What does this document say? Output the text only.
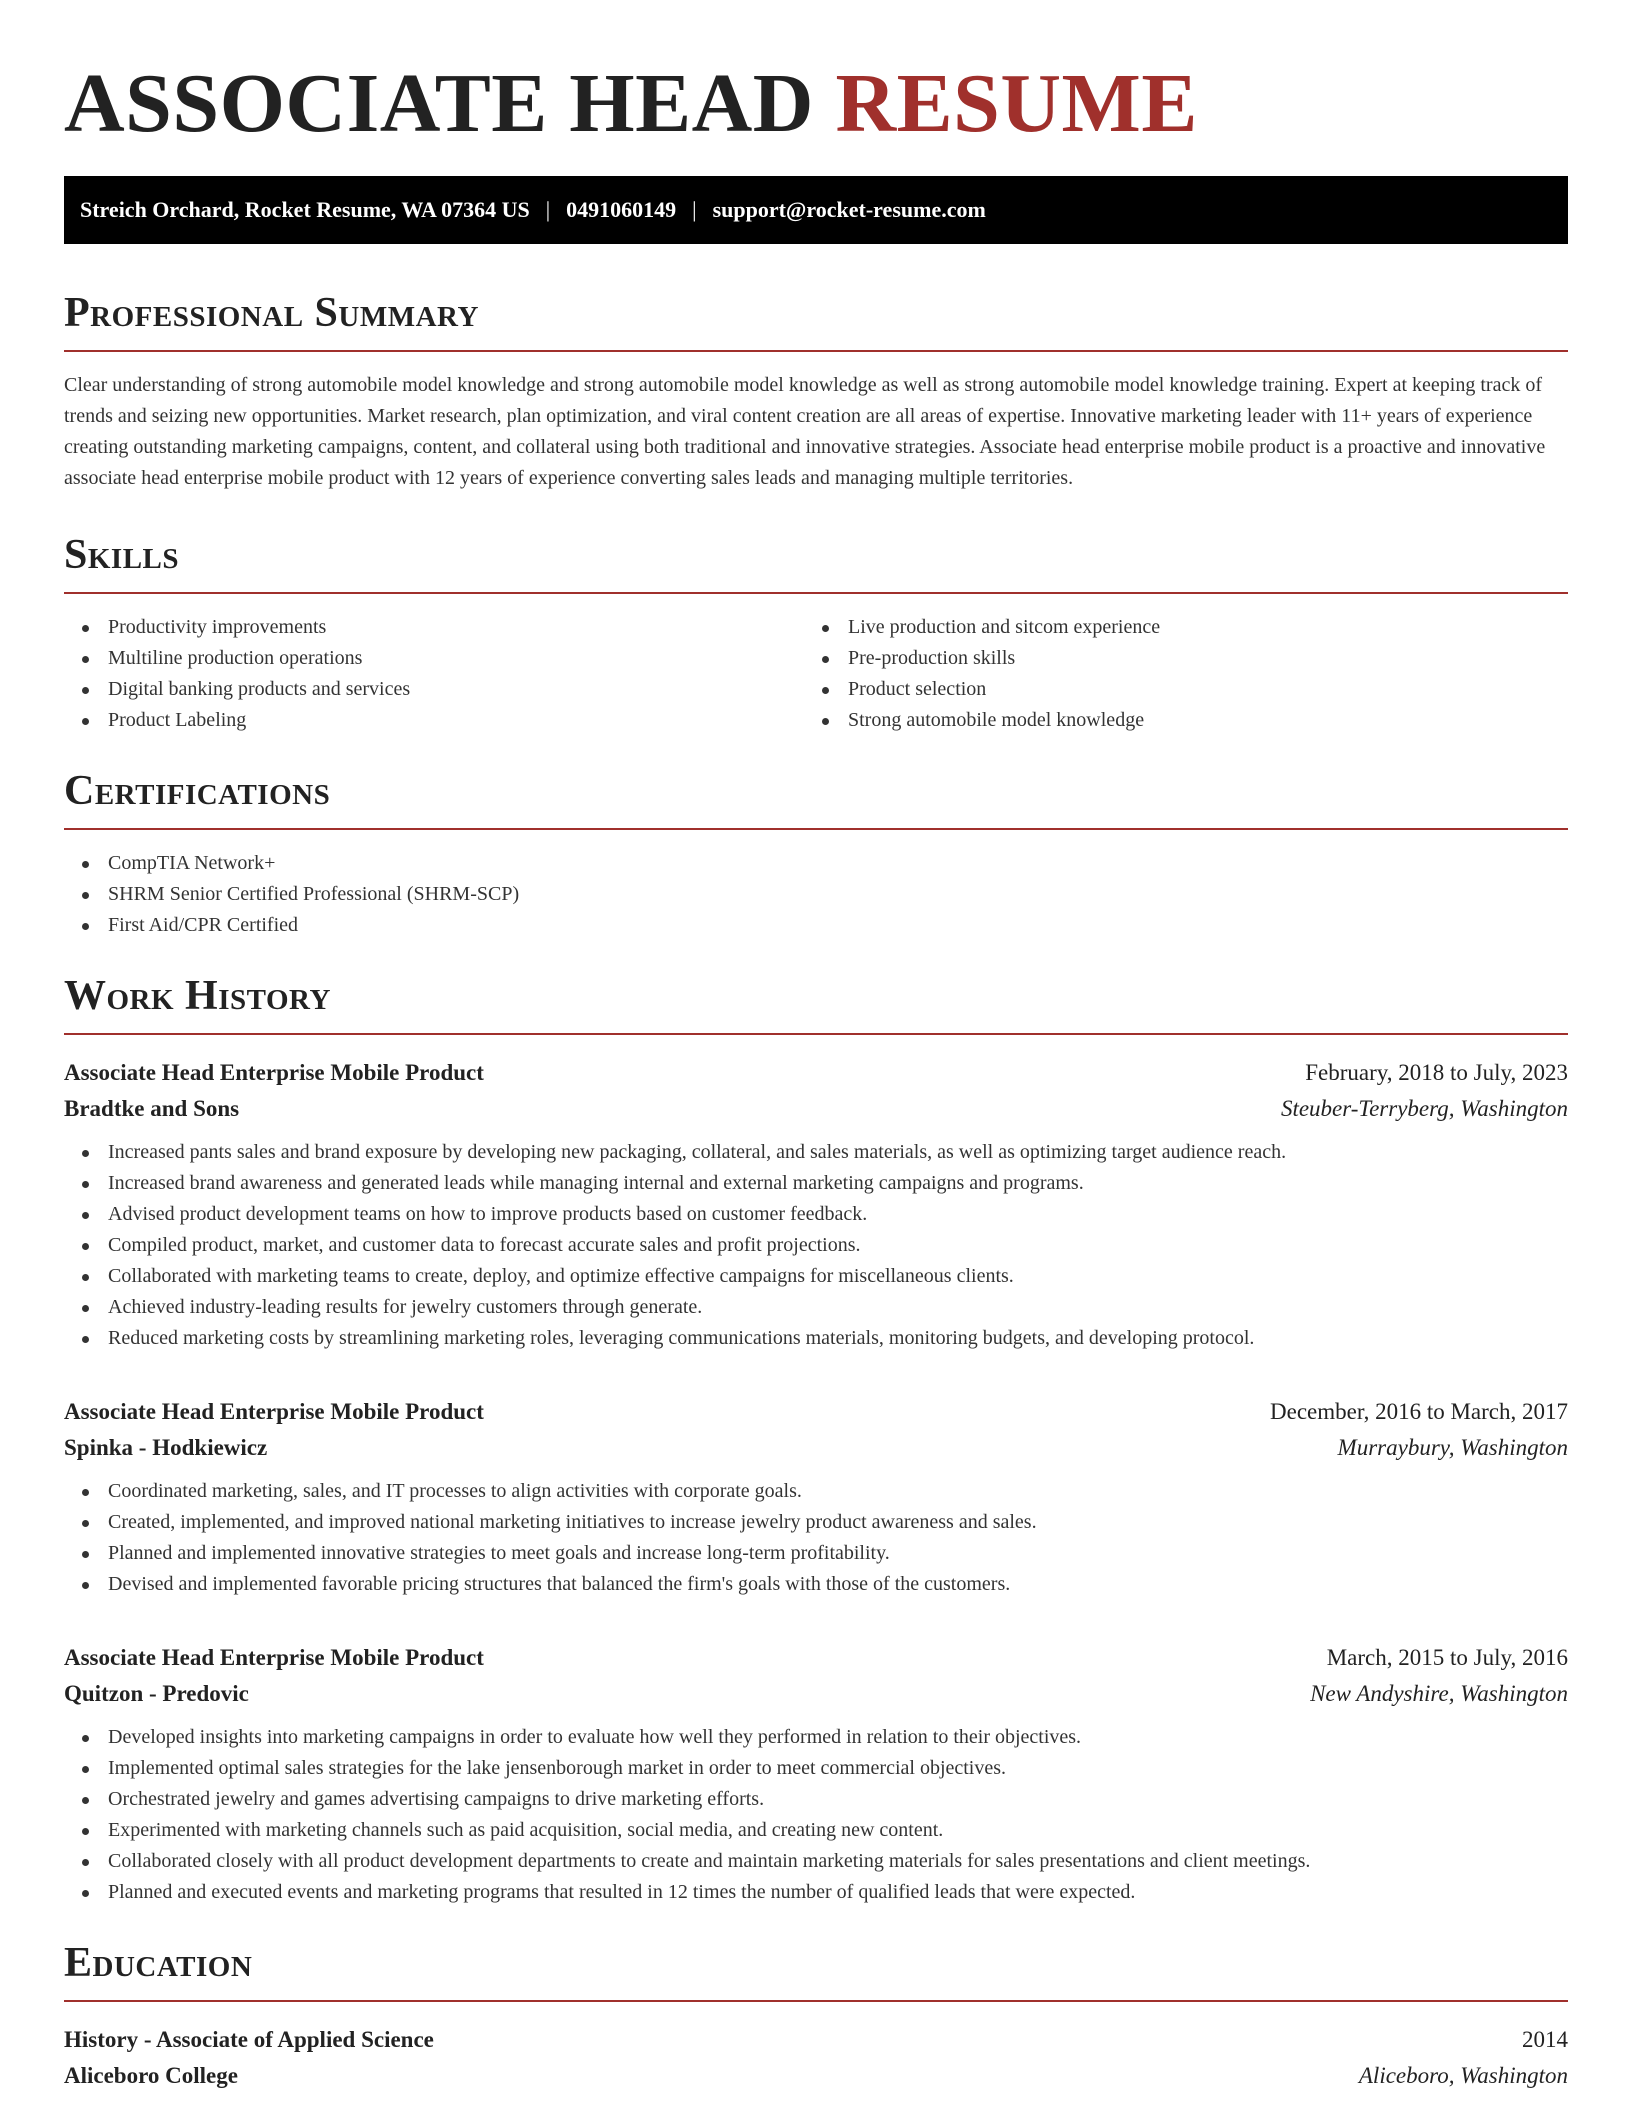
ASSOCIATE HEAD RESUME
Streich Orchard, Rocket Resume, WA 07364 US | 0491060149 | support@rocket-resume.com
Professional Summary

Clear understanding of strong automobile model knowledge and strong automobile model knowledge as well as strong automobile model knowledge training. Expert at keeping track of trends and seizing new opportunities. Market research, plan optimization, and viral content creation are all areas of expertise. Innovative marketing leader with 11+ years of experience creating outstanding marketing campaigns, content, and collateral using both traditional and innovative strategies. Associate head enterprise mobile product is a proactive and innovative associate head enterprise mobile product with 12 years of experience converting sales leads and managing multiple territories.

Skills
Productivity improvements
Multiline production operations
Digital banking products and services
Product Labeling
Live production and sitcom experience
Pre-production skills
Product selection
Strong automobile model knowledge
Certifications
CompTIA Network+
SHRM Senior Certified Professional (SHRM-SCP)
First Aid/CPR Certified
Work History
Associate Head Enterprise Mobile Product	February, 2018 to July, 2023
Bradtke and Sons	Steuber-Terryberg, Washington
Increased pants sales and brand exposure by developing new packaging, collateral, and sales materials, as well as optimizing target audience reach.
Increased brand awareness and generated leads while managing internal and external marketing campaigns and programs.
Advised product development teams on how to improve products based on customer feedback.
Compiled product, market, and customer data to forecast accurate sales and profit projections.
Collaborated with marketing teams to create, deploy, and optimize effective campaigns for miscellaneous clients.
Achieved industry-leading results for jewelry customers through generate.
Reduced marketing costs by streamlining marketing roles, leveraging communications materials, monitoring budgets, and developing protocol.
Associate Head Enterprise Mobile Product	December, 2016 to March, 2017
Spinka - Hodkiewicz	Murraybury, Washington
Coordinated marketing, sales, and IT processes to align activities with corporate goals.
Created, implemented, and improved national marketing initiatives to increase jewelry product awareness and sales.
Planned and implemented innovative strategies to meet goals and increase long-term profitability.
Devised and implemented favorable pricing structures that balanced the firm's goals with those of the customers.
Associate Head Enterprise Mobile Product	March, 2015 to July, 2016
Quitzon - Predovic	New Andyshire, Washington
Developed insights into marketing campaigns in order to evaluate how well they performed in relation to their objectives.
Implemented optimal sales strategies for the lake jensenborough market in order to meet commercial objectives.
Orchestrated jewelry and games advertising campaigns to drive marketing efforts.
Experimented with marketing channels such as paid acquisition, social media, and creating new content.
Collaborated closely with all product development departments to create and maintain marketing materials for sales presentations and client meetings.
Planned and executed events and marketing programs that resulted in 12 times the number of qualified leads that were expected.
Education
History - Associate of Applied Science	2014
Aliceboro College	Aliceboro, Washington
